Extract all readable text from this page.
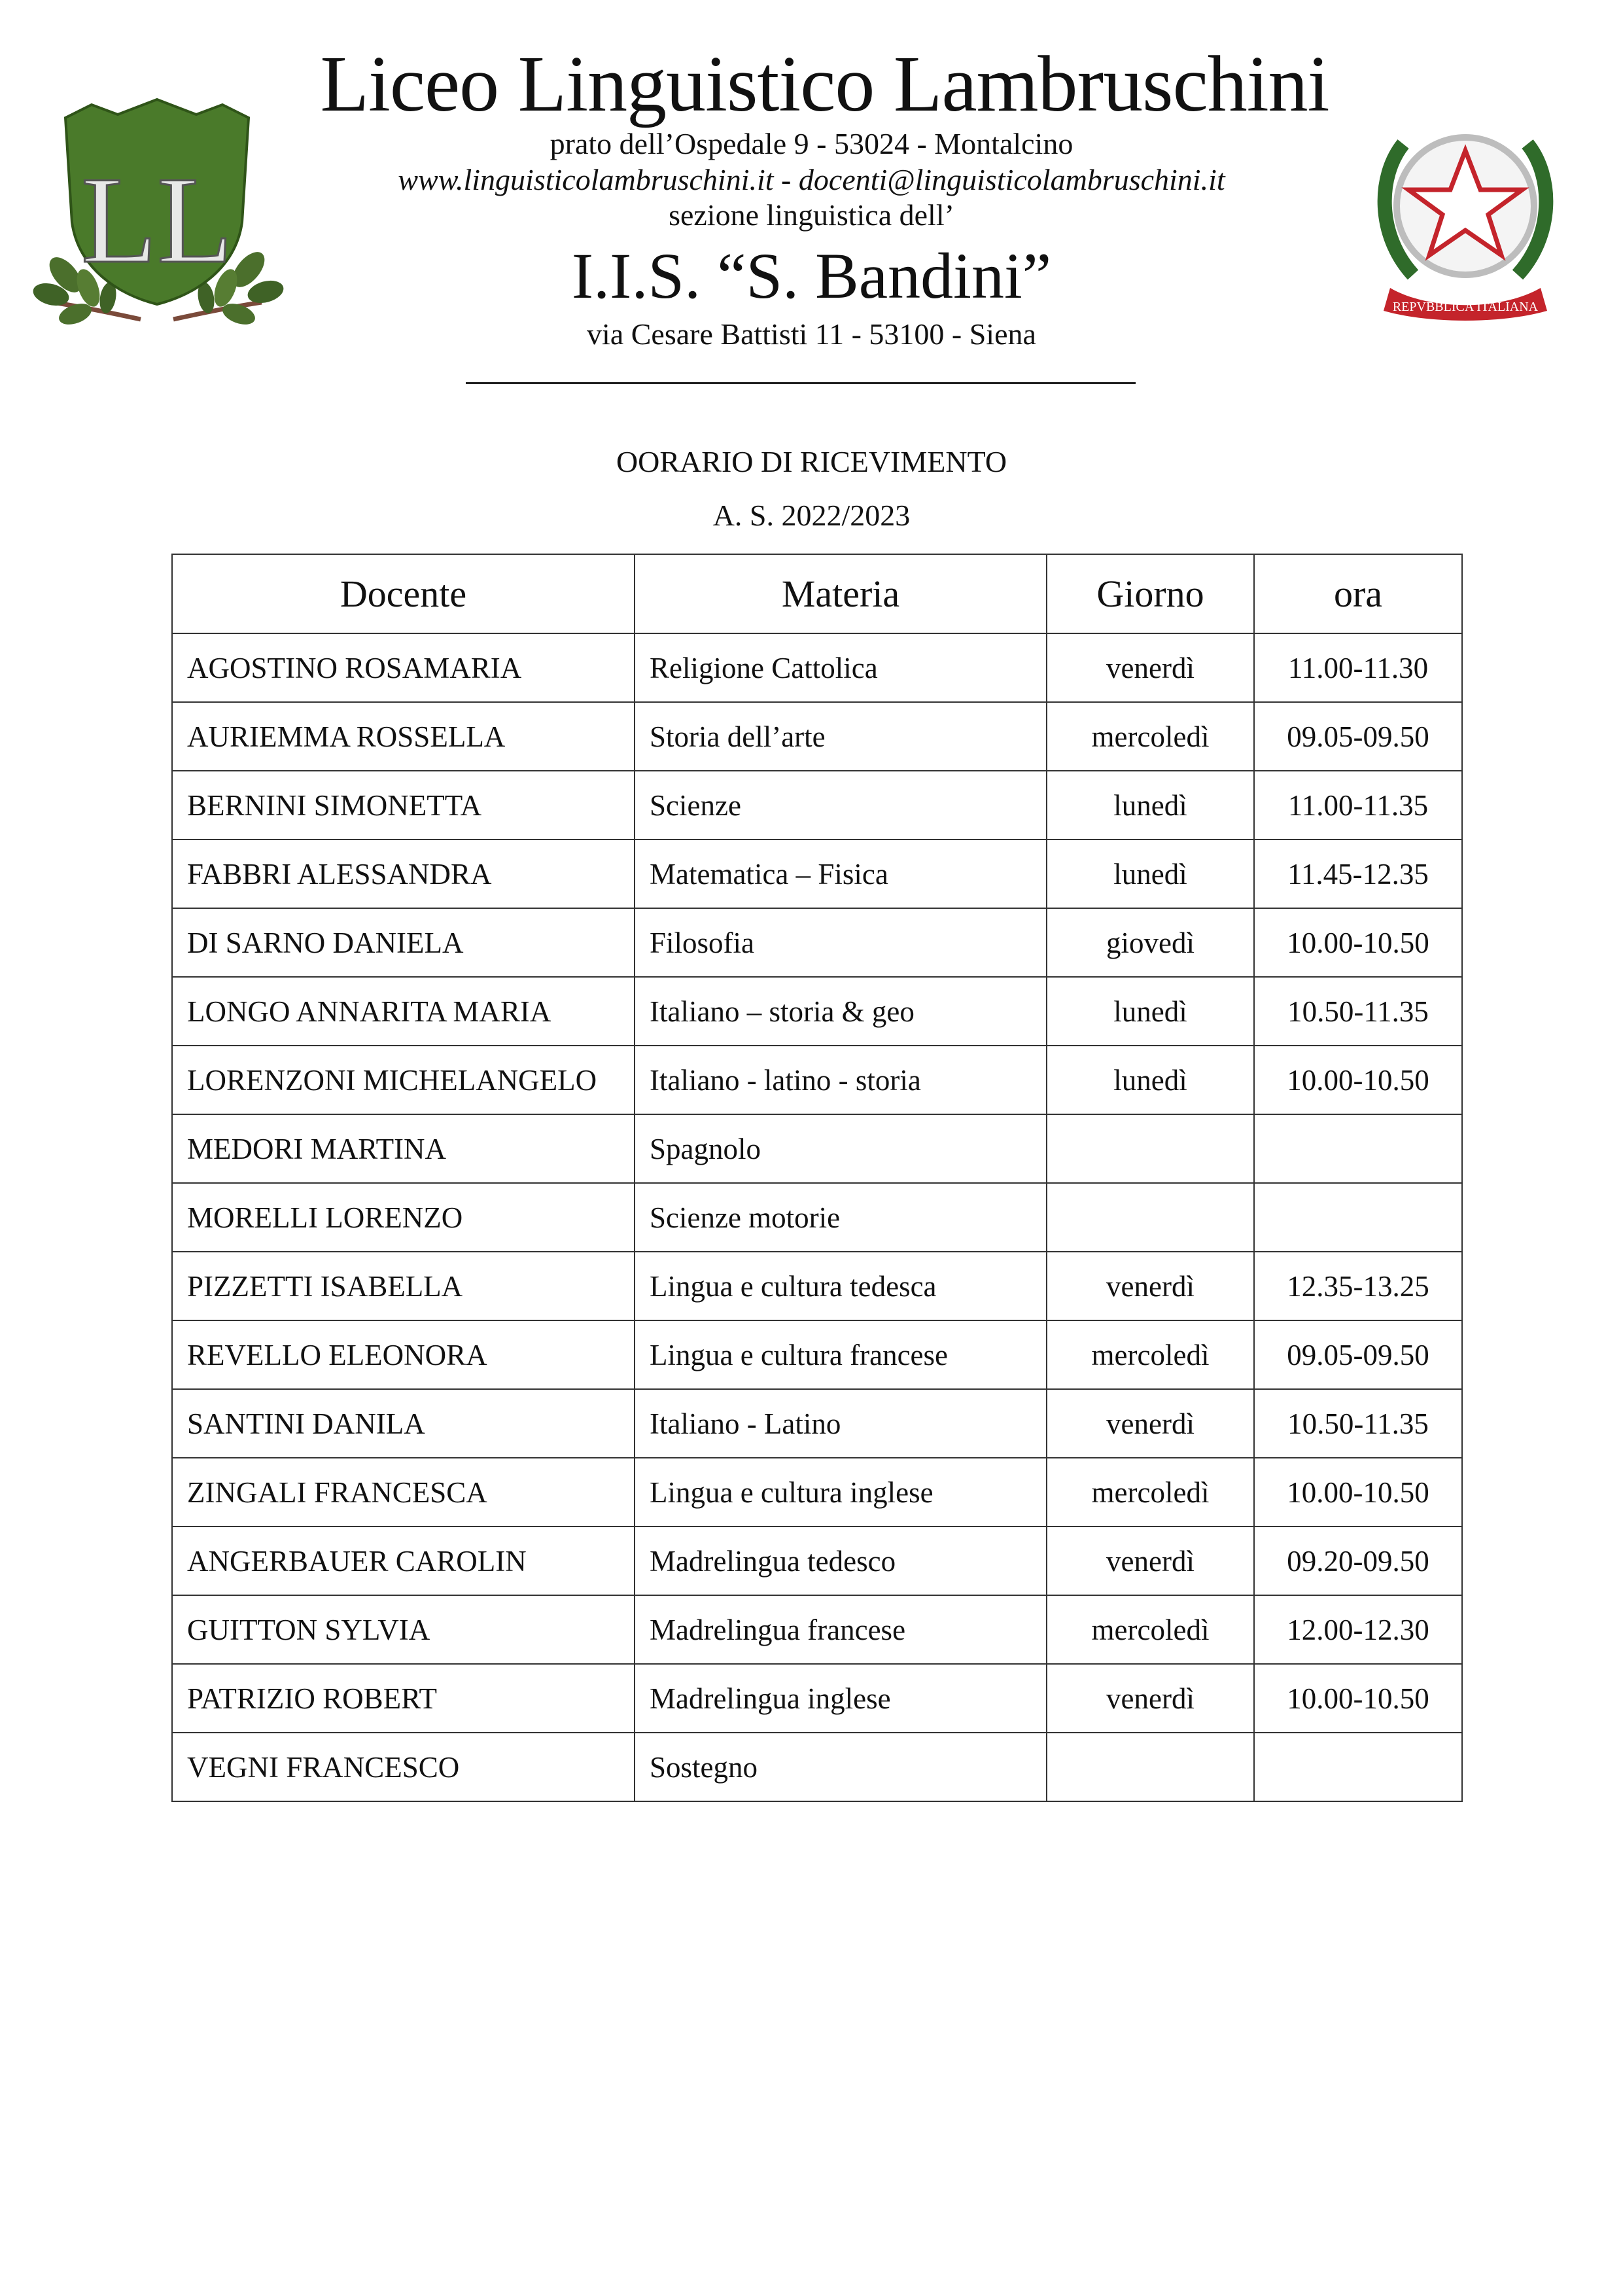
LL
REPVBBLICA ITALIANA
Liceo Linguistico Lambruschini
prato dell’Ospedale 9 - 53024 - Montalcino
www.linguisticolambruschini.it - docenti@linguisticolambruschini.it
sezione linguistica dell’
I.I.S. “S. Bandini”
via Cesare Battisti 11 - 53100 - Siena
OORARIO DI RICEVIMENTO
A. S. 2022/2023
Docente	Materia	Giorno	ora
AGOSTINO ROSAMARIA	Religione Cattolica	venerdì	11.00-11.30
AURIEMMA ROSSELLA	Storia dell’arte	mercoledì	09.05-09.50
BERNINI SIMONETTA	Scienze	lunedì	11.00-11.35
FABBRI ALESSANDRA	Matematica – Fisica	lunedì	11.45-12.35
DI SARNO DANIELA	Filosofia	giovedì	10.00-10.50
LONGO ANNARITA MARIA	Italiano – storia & geo	lunedì	10.50-11.35
LORENZONI MICHELANGELO	Italiano - latino - storia	lunedì	10.00-10.50
MEDORI MARTINA	Spagnolo		
MORELLI LORENZO	Scienze motorie		
PIZZETTI ISABELLA	Lingua e cultura tedesca	venerdì	12.35-13.25
REVELLO ELEONORA	Lingua e cultura francese	mercoledì	09.05-09.50
SANTINI DANILA	Italiano - Latino	venerdì	10.50-11.35
ZINGALI FRANCESCA	Lingua e cultura inglese	mercoledì	10.00-10.50
ANGERBAUER CAROLIN	Madrelingua tedesco	venerdì	09.20-09.50
GUITTON SYLVIA	Madrelingua francese	mercoledì	12.00-12.30
PATRIZIO ROBERT	Madrelingua inglese	venerdì	10.00-10.50
VEGNI FRANCESCO	Sostegno		
